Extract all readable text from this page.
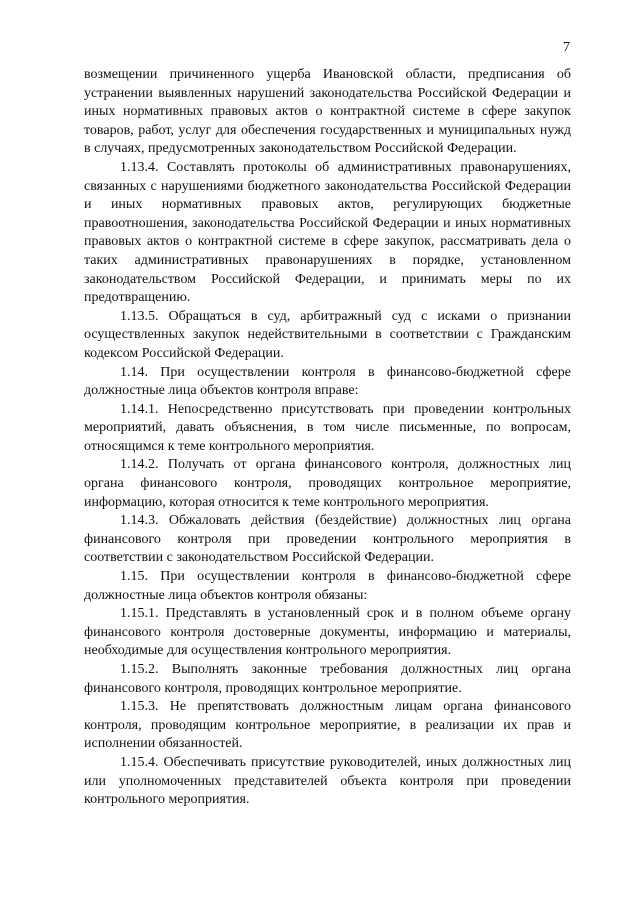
7

возмещении причиненного ущерба Ивановской области, предписания об устранении выявленных нарушений законодательства Российской Федерации и иных нормативных правовых актов о контрактной системе в сфере закупок товаров, работ, услуг для обеспечения государственных и муниципальных нужд в случаях, предусмотренных законодательством Российской Федерации.

1.13.4. Составлять протоколы об административных правонарушениях, связанных с нарушениями бюджетного законодательства Российской Федерации и иных нормативных правовых актов, регулирующих бюджетные правоотношения, законодательства Российской Федерации и иных нормативных правовых актов о контрактной системе в сфере закупок, рассматривать дела о таких административных правонарушениях в порядке, установленном законодательством Российской Федерации, и принимать меры по их предотвращению.

1.13.5. Обращаться в суд, арбитражный суд с исками о признании осуществленных закупок недействительными в соответствии с Гражданским кодексом Российской Федерации.

1.14. При осуществлении контроля в финансово-бюджетной сфере должностные лица объектов контроля вправе:

1.14.1. Непосредственно присутствовать при проведении контрольных мероприятий, давать объяснения, в том числе письменные, по вопросам, относящимся к теме контрольного мероприятия.

1.14.2. Получать от органа финансового контроля, должностных лиц органа финансового контроля, проводящих контрольное мероприятие, информацию, которая относится к теме контрольного мероприятия.

1.14.3. Обжаловать действия (бездействие) должностных лиц органа финансового контроля при проведении контрольного мероприятия в соответствии с законодательством Российской Федерации.

1.15. При осуществлении контроля в финансово-бюджетной сфере должностные лица объектов контроля обязаны:

1.15.1. Представлять в установленный срок и в полном объеме органу финансового контроля достоверные документы, информацию и материалы, необходимые для осуществления контрольного мероприятия.

1.15.2. Выполнять законные требования должностных лиц органа финансового контроля, проводящих контрольное мероприятие.

1.15.3. Не препятствовать должностным лицам органа финансового контроля, проводящим контрольное мероприятие, в реализации их прав и исполнении обязанностей.

1.15.4. Обеспечивать присутствие руководителей, иных должностных лиц или уполномоченных представителей объекта контроля при проведении контрольного мероприятия.
